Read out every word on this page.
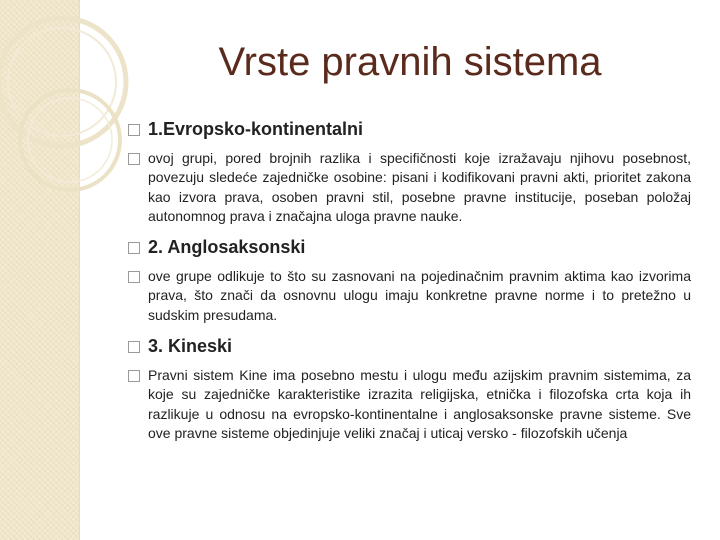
Vrste pravnih sistema
1.Evropsko-kontinentalni
ovoj grupi, pored brojnih razlika i specifičnosti koje izražavaju njihovu posebnost, povezuju sledeće zajedničke osobine: pisani i kodifikovani pravni akti, prioritet zakona kao izvora prava, osoben pravni stil, posebne pravne institucije, poseban položaj autonomnog prava i značajna uloga pravne nauke.
2. Anglosaksonski
ove grupe odlikuje to što su zasnovani na pojedinačnim pravnim aktima kao izvorima prava, što znači da osnovnu ulogu imaju konkretne pravne norme i to pretežno u sudskim presudama.
3. Kineski
Pravni sistem Kine ima posebno mestu i ulogu među azijskim pravnim sistemima, za koje su zajedničke karakteristike izrazita religijska, etnička i filozofska crta koja ih razlikuje u odnosu na evropsko-kontinentalne i anglosaksonske pravne sisteme. Sve ove pravne sisteme objedinjuje veliki značaj i uticaj versko - filozofskih učenja
